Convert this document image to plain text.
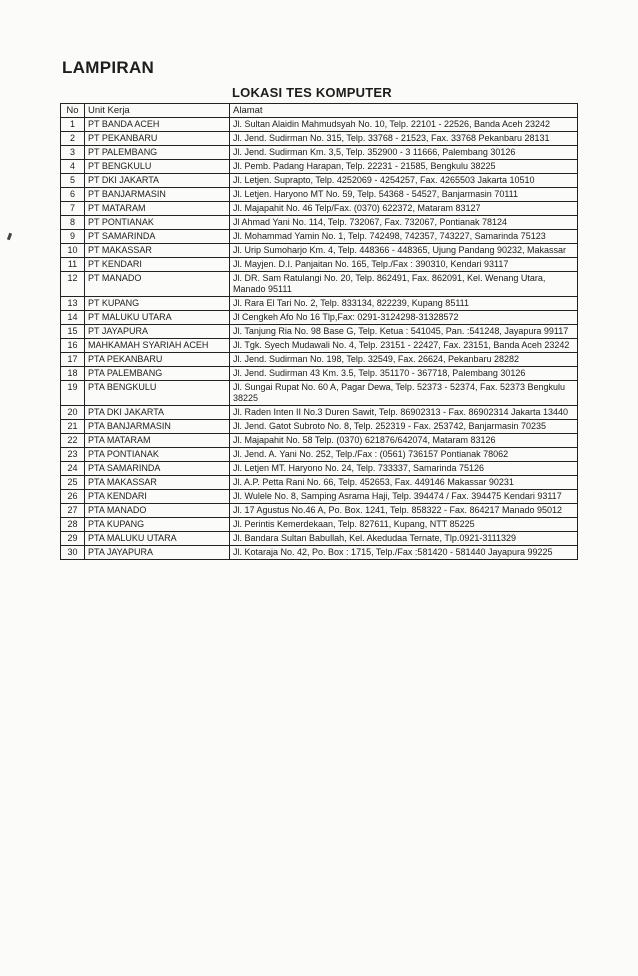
LAMPIRAN
LOKASI TES KOMPUTER
No	Unit Kerja	Alamat
1	PT BANDA ACEH	Jl. Sultan Alaidin Mahmudsyah No. 10, Telp. 22101 - 22526, Banda Aceh 23242
2	PT PEKANBARU	Jl. Jend. Sudirman No. 315, Telp. 33768 - 21523, Fax. 33768 Pekanbaru 28131
3	PT PALEMBANG	Jl. Jend. Sudirman Km. 3,5, Telp. 352900 - 3 11666, Palembang 30126
4	PT BENGKULU	Jl. Pemb. Padang Harapan, Telp. 22231 - 21585, Bengkulu 38225
5	PT DKI JAKARTA	Jl. Letjen. Suprapto, Telp. 4252069 - 4254257, Fax. 4265503 Jakarta 10510
6	PT BANJARMASIN	Jl. Letjen. Haryono MT No. 59, Telp. 54368 - 54527, Banjarmasin 70111
7	PT MATARAM	Jl. Majapahit No. 46 Telp/Fax. (0370) 622372, Mataram 83127
8	PT PONTIANAK	Jl Ahmad Yani No. 114, Telp. 732067, Fax. 732067, Pontianak 78124
9	PT SAMARINDA	Jl. Mohammad Yamin No. 1, Telp. 742498, 742357, 743227, Samarinda 75123
10	PT MAKASSAR	Jl. Urip Sumoharjo Km. 4, Telp. 448366 - 448365, Ujung Pandang 90232, Makassar
11	PT KENDARI	Jl. Mayjen. D.I. Panjaitan No. 165, Telp./Fax : 390310, Kendari 93117
12	PT MANADO	Jl. DR. Sam Ratulangi No. 20, Telp. 862491, Fax. 862091, Kel. Wenang Utara, Manado 95111
13	PT KUPANG	Jl. Rara El Tari No. 2, Telp. 833134, 822239, Kupang 85111
14	PT MALUKU UTARA	Jl Cengkeh Afo No 16 Tlp,Fax: 0291-3124298-31328572
15	PT JAYAPURA	Jl. Tanjung Ria No. 98 Base G, Telp. Ketua : 541045, Pan. :541248, Jayapura 99117
16	MAHKAMAH SYARIAH ACEH	Jl. Tgk. Syech Mudawali No. 4, Telp. 23151 - 22427, Fax. 23151, Banda Aceh 23242
17	PTA PEKANBARU	Jl. Jend. Sudirman No. 198, Telp. 32549, Fax. 26624, Pekanbaru 28282
18	PTA PALEMBANG	Jl. Jend. Sudirman 43 Km. 3.5, Telp. 351170 - 367718, Palembang 30126
19	PTA BENGKULU	Jl. Sungai Rupat No. 60 A, Pagar Dewa, Telp. 52373 - 52374, Fax. 52373 Bengkulu 38225
20	PTA DKI JAKARTA	Jl. Raden Inten II No.3 Duren Sawit, Telp. 86902313 - Fax. 86902314 Jakarta 13440
21	PTA BANJARMASIN	Jl. Jend. Gatot Subroto No. 8, Telp. 252319 - Fax. 253742, Banjarmasin 70235
22	PTA MATARAM	Jl. Majapahit No. 58 Telp. (0370) 621876/642074, Mataram 83126
23	PTA PONTIANAK	Jl. Jend. A. Yani No. 252, Telp./Fax : (0561) 736157 Pontianak 78062
24	PTA SAMARINDA	Jl. Letjen MT. Haryono No. 24, Telp. 733337, Samarinda 75126
25	PTA MAKASSAR	Jl. A.P. Petta Rani No. 66, Telp. 452653, Fax. 449146 Makassar 90231
26	PTA KENDARI	Jl. Wulele No. 8, Samping Asrama Haji, Telp. 394474 / Fax. 394475 Kendari 93117
27	PTA MANADO	Jl. 17 Agustus No.46 A, Po. Box. 1241, Telp. 858322 - Fax. 864217 Manado 95012
28	PTA KUPANG	Jl. Perintis Kemerdekaan, Telp. 827611, Kupang, NTT 85225
29	PTA MALUKU UTARA	Jl. Bandara Sultan Babullah, Kel. Akedudaa Ternate, Tlp.0921-3111329
30	PTA JAYAPURA	Jl. Kotaraja No. 42, Po. Box : 1715, Telp./Fax :581420 - 581440 Jayapura 99225
